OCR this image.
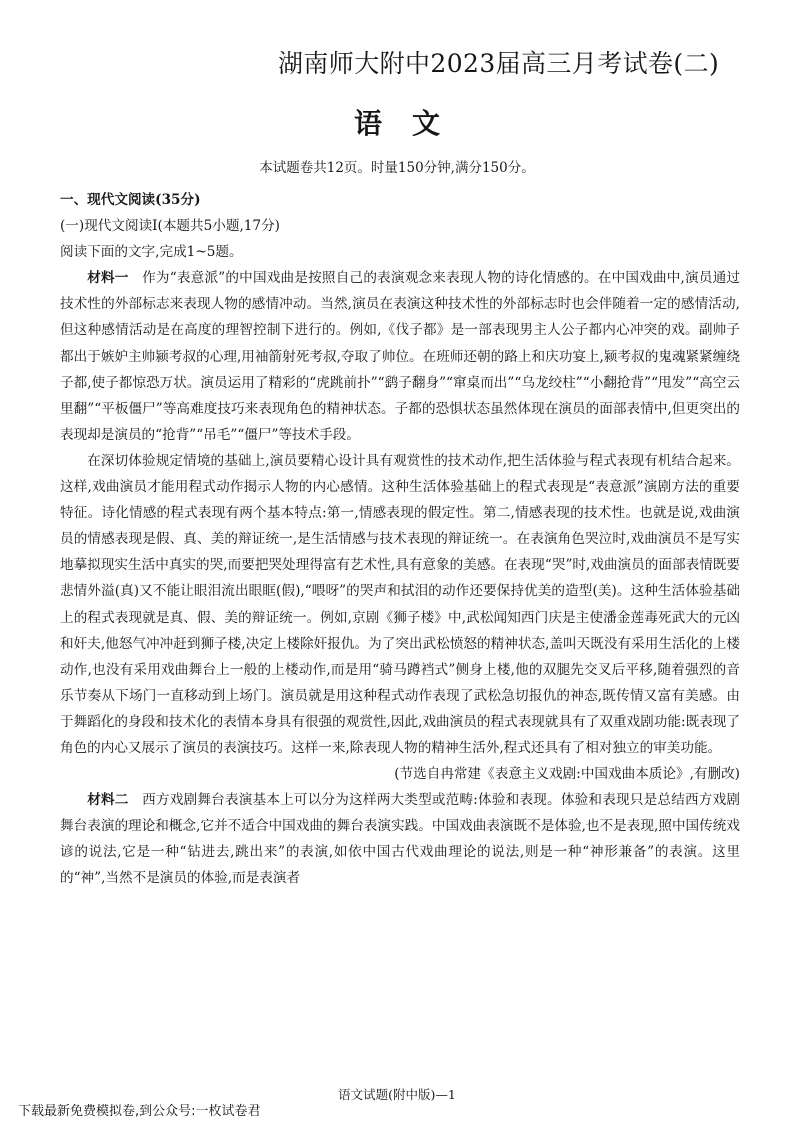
湖南师大附中2023届高三月考试卷(二)
语文
本试题卷共12页。时量150分钟,满分150分。

一、现代文阅读(35分)

(一)现代文阅读Ⅰ(本题共5小题,17分)

阅读下面的文字,完成1~5题。

材料一 作为“表意派”的中国戏曲是按照自己的表演观念来表现人物的诗化情感的。在中国戏曲中,演员通过技术性的外部标志来表现人物的感情冲动。当然,演员在表演这种技术性的外部标志时也会伴随着一定的感情活动,但这种感情活动是在高度的理智控制下进行的。例如,《伐子都》是一部表现男主人公子都内心冲突的戏。副帅子都出于嫉妒主帅颍考叔的心理,用袖箭射死考叔,夺取了帅位。在班师还朝的路上和庆功宴上,颍考叔的鬼魂紧紧缠绕子都,使子都惊恐万状。演员运用了精彩的“虎跳前扑”“鹞子翻身”“窜桌而出”“乌龙绞柱”“小翻抢背”“甩发”“高空云里翻”“平板僵尸”等高难度技巧来表现角色的精神状态。子都的恐惧状态虽然体现在演员的面部表情中,但更突出的表现却是演员的“抢背”“吊毛”“僵尸”等技术手段。

在深切体验规定情境的基础上,演员要精心设计具有观赏性的技术动作,把生活体验与程式表现有机结合起来。这样,戏曲演员才能用程式动作揭示人物的内心感情。这种生活体验基础上的程式表现是“表意派”演剧方法的重要特征。诗化情感的程式表现有两个基本特点:第一,情感表现的假定性。第二,情感表现的技术性。也就是说,戏曲演员的情感表现是假、真、美的辩证统一,是生活情感与技术表现的辩证统一。在表演角色哭泣时,戏曲演员不是写实地摹拟现实生活中真实的哭,而要把哭处理得富有艺术性,具有意象的美感。在表现“哭”时,戏曲演员的面部表情既要悲情外溢(真)又不能让眼泪流出眼眶(假),“喂呀”的哭声和拭泪的动作还要保持优美的造型(美)。这种生活体验基础上的程式表现就是真、假、美的辩证统一。例如,京剧《狮子楼》中,武松闻知西门庆是主使潘金莲毒死武大的元凶和奸夫,他怒气冲冲赶到狮子楼,决定上楼除奸报仇。为了突出武松愤怒的精神状态,盖叫天既没有采用生活化的上楼动作,也没有采用戏曲舞台上一般的上楼动作,而是用“骑马蹲裆式”侧身上楼,他的双腿先交叉后平移,随着强烈的音乐节奏从下场门一直移动到上场门。演员就是用这种程式动作表现了武松急切报仇的神态,既传情又富有美感。由于舞蹈化的身段和技术化的表情本身具有很强的观赏性,因此,戏曲演员的程式表现就具有了双重戏剧功能:既表现了角色的内心又展示了演员的表演技巧。这样一来,除表现人物的精神生活外,程式还具有了相对独立的审美功能。

(节选自冉常建《表意主义戏剧:中国戏曲本质论》,有删改)

材料二 西方戏剧舞台表演基本上可以分为这样两大类型或范畴:体验和表现。体验和表现只是总结西方戏剧舞台表演的理论和概念,它并不适合中国戏曲的舞台表演实践。中国戏曲表演既不是体验,也不是表现,照中国传统戏谚的说法,它是一种“钻进去,跳出来”的表演,如依中国古代戏曲理论的说法,则是一种“神形兼备”的表演。这里的“神”,当然不是演员的体验,而是表演者

语文试题(附中版)—1
下载最新免费模拟卷,到公众号:一枚试卷君
